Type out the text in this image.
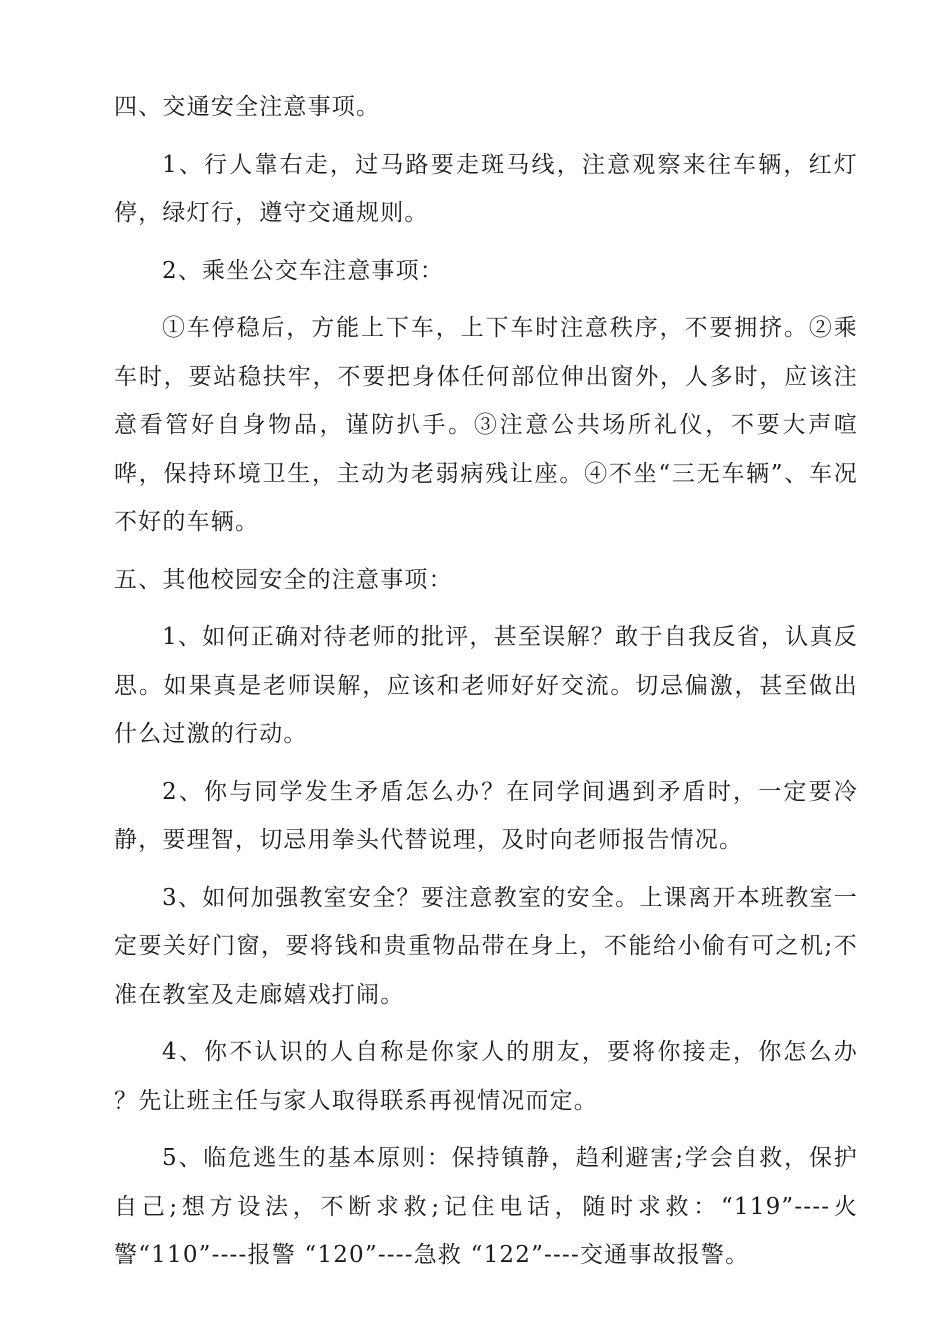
四、交通安全注意事项。

1、行人靠右走，过马路要走斑马线，注意观察来往车辆，红灯停，绿灯行，遵守交通规则。

2、乘坐公交车注意事项：

①车停稳后，方能上下车，上下车时注意秩序，不要拥挤。②乘车时，要站稳扶牢，不要把身体任何部位伸出窗外，人多时，应该注意看管好自身物品，谨防扒手。③注意公共场所礼仪，不要大声喧哗，保持环境卫生，主动为老弱病残让座。④不坐“三无车辆”、车况不好的车辆。

五、其他校园安全的注意事项：

1、如何正确对待老师的批评，甚至误解？敢于自我反省，认真反思。如果真是老师误解，应该和老师好好交流。切忌偏激，甚至做出什么过激的行动。

2、你与同学发生矛盾怎么办？在同学间遇到矛盾时，一定要冷静，要理智，切忌用拳头代替说理，及时向老师报告情况。

3、如何加强教室安全？要注意教室的安全。上课离开本班教室一定要关好门窗，要将钱和贵重物品带在身上，不能给小偷有可之机;不准在教室及走廊嬉戏打闹。

4、你不认识的人自称是你家人的朋友，要将你接走，你怎么办 ？先让班主任与家人取得联系再视情况而定。

5、临危逃生的基本原则：保持镇静，趋利避害;学会自救，保护自己;想方设法，不断求救;记住电话，随时求救：“119”----火警“110”----报警 “120”----急救 “122”----交通事故报警。
